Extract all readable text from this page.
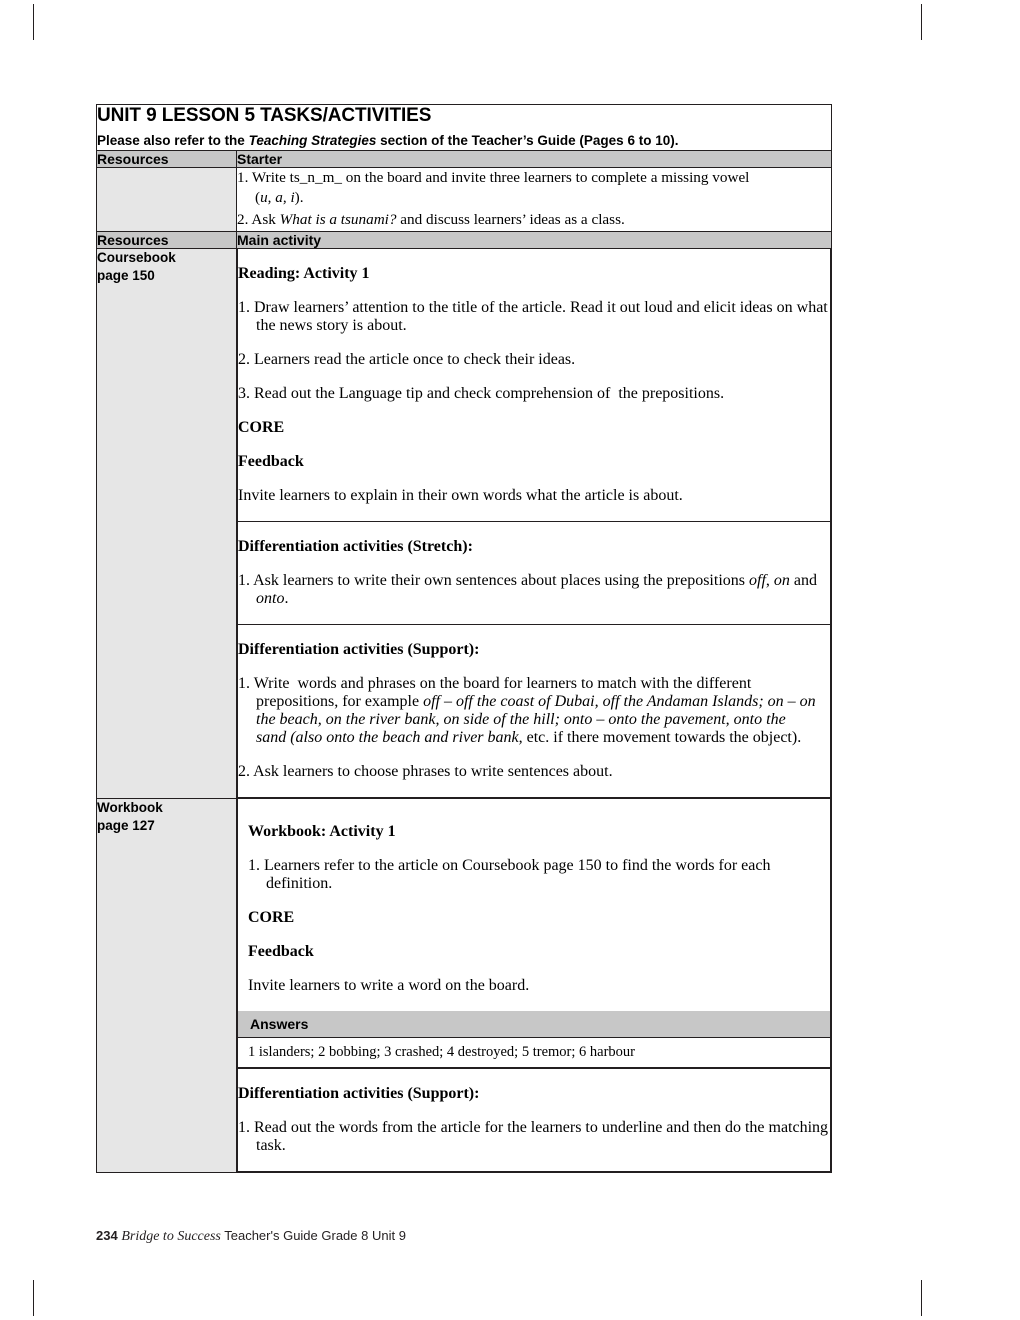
UNIT 9 LESSON 5 TASKS/ACTIVITIES
Please also refer to the Teaching Strategies section of the Teacher’s Guide (Pages 6 to 10).

Resources	Starter

1. Write ts_n_m_ on the board and invite three learners to complete a missing vowel
(u, a, i).

2. Ask What is a tsunami? and discuss learners’ ideas as a class.

Resources	Main activity

Coursebook
page 150
		Reading: Activity 1

1. Draw learners’ attention to the title of the article. Read it out loud and elicit ideas on what the news story is about.

2. Learners read the article once to check their ideas.

3. Read out the Language tip and check comprehension of  the prepositions.

CORE

Feedback

Invite learners to explain in their own words what the article is about.

Differentiation activities (Stretch):

1. Ask learners to write their own sentences about places using the prepositions off, on and onto.

Differentiation activities (Support):

1. Write  words and phrases on the board for learners to match with the different prepositions, for example off – off the coast of Dubai, off the Andaman Islands; on – on the beach, on the river bank, on side of the hill; onto – onto the pavement, onto the sand (also onto the beach and river bank, etc. if there movement towards the object).

2. Ask learners to choose phrases to write sentences about.

Workbook
page 127
		Workbook: Activity 1

1. Learners refer to the article on Coursebook page 150 to find the words for each definition.

CORE

Feedback

Invite learners to write a word on the board.

Answers
1 islanders; 2 bobbing; 3 crashed; 4 destroyed; 5 tremor; 6 harbour

Differentiation activities (Support):

1. Read out the words from the article for the learners to underline and then do the matching task.

234 Bridge to Success Teacher's Guide Grade 8 Unit 9
